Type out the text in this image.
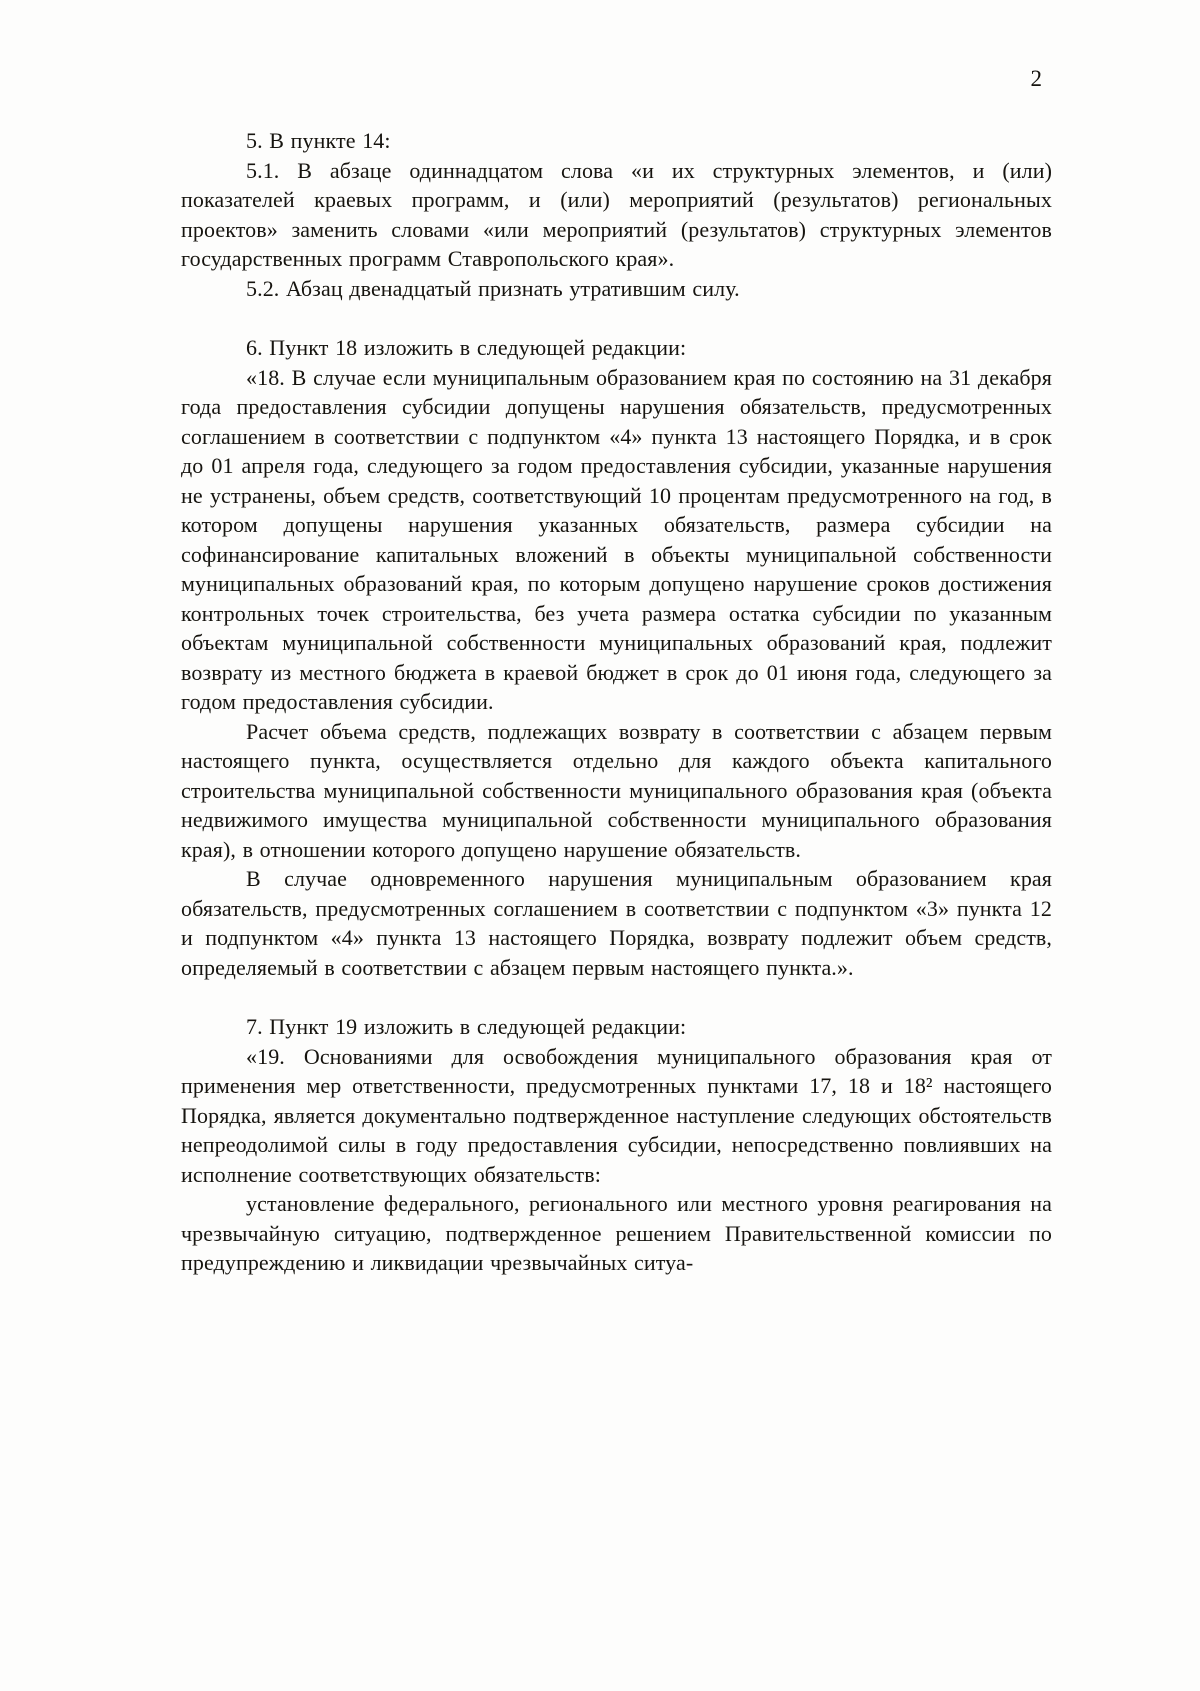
2

5. В пункте 14:

5.1. В абзаце одиннадцатом слова «и их структурных элементов, и (или) показателей краевых программ, и (или) мероприятий (результатов) региональных проектов» заменить словами «или мероприятий (результатов) структурных элементов государственных программ Ставропольского края».

5.2. Абзац двенадцатый признать утратившим силу.

6. Пункт 18 изложить в следующей редакции:

«18. В случае если муниципальным образованием края по состоянию на 31 декабря года предоставления субсидии допущены нарушения обязательств, предусмотренных соглашением в соответствии с подпунктом «4» пункта 13 настоящего Порядка, и в срок до 01 апреля года, следующего за годом предоставления субсидии, указанные нарушения не устранены, объем средств, соответствующий 10 процентам предусмотренного на год, в котором допущены нарушения указанных обязательств, размера субсидии на софинансирование капитальных вложений в объекты муниципальной собственности муниципальных образований края, по которым допущено нарушение сроков достижения контрольных точек строительства, без учета размера остатка субсидии по указанным объектам муниципальной собственности муниципальных образований края, подлежит возврату из местного бюджета в краевой бюджет в срок до 01 июня года, следующего за годом предоставления субсидии.

Расчет объема средств, подлежащих возврату в соответствии с абзацем первым настоящего пункта, осуществляется отдельно для каждого объекта капитального строительства муниципальной собственности муниципального образования края (объекта недвижимого имущества муниципальной собственности муниципального образования края), в отношении которого допущено нарушение обязательств.

В случае одновременного нарушения муниципальным образованием края обязательств, предусмотренных соглашением в соответствии с подпунктом «3» пункта 12 и подпунктом «4» пункта 13 настоящего Порядка, возврату подлежит объем средств, определяемый в соответствии с абзацем первым настоящего пункта.».

7. Пункт 19 изложить в следующей редакции:

«19. Основаниями для освобождения муниципального образования края от применения мер ответственности, предусмотренных пунктами 17, 18 и 18² настоящего Порядка, является документально подтвержденное наступление следующих обстоятельств непреодолимой силы в году предоставления субсидии, непосредственно повлиявших на исполнение соответствующих обязательств:

установление федерального, регионального или местного уровня реагирования на чрезвычайную ситуацию, подтвержденное решением Правительственной комиссии по предупреждению и ликвидации чрезвычайных ситуа-
